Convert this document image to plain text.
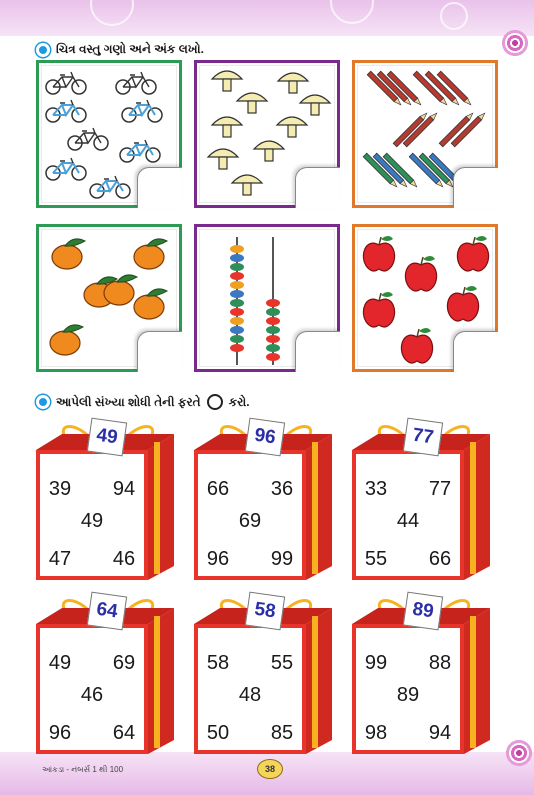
ચિત્ર વસ્તુ ગણો અને અંક લખો.
આપેલી સંખ્યા શોધી તેની ફરતે કરો.
49
39	94
49
47	46
96
66	36
69
96	99
77
33	77
44
55	66
64
49	69
46
96	64
58
58	55
48
50	85
89
99	88
89
98	94
આંકડા - નંબર્સ 1 થી 100	38
